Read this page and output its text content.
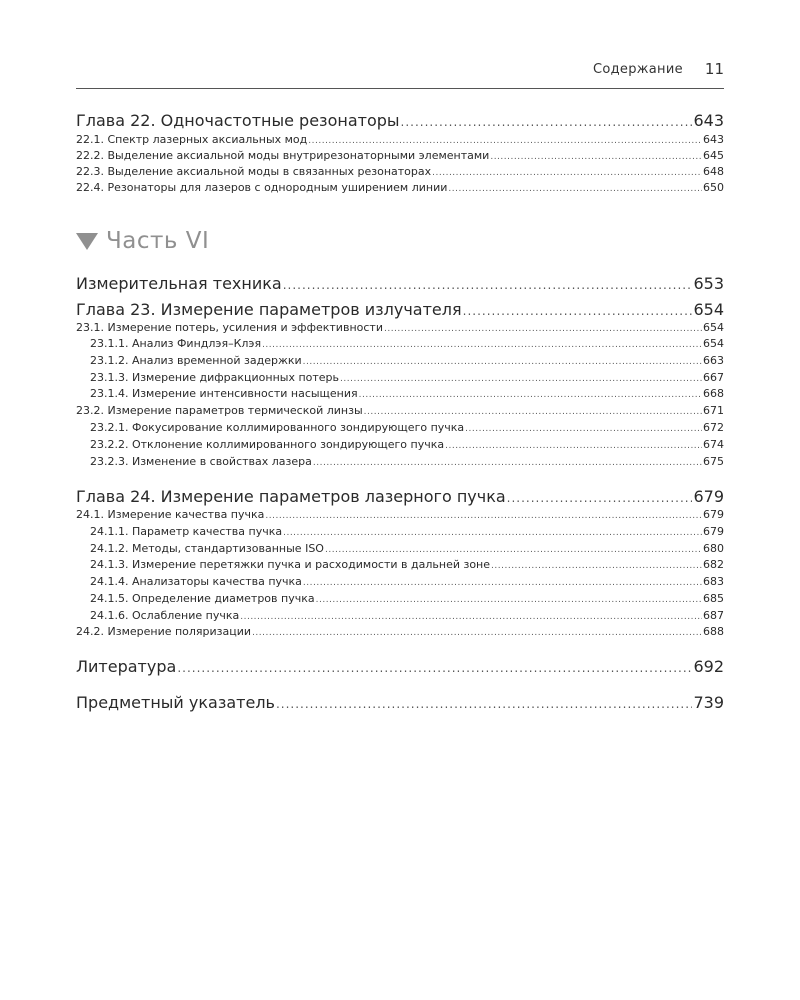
Содержание 11
Глава 22. Одночастотные резонаторы .....	643
22.1. Спектр лазерных аксиальных мод .....	643
22.2. Выделение аксиальной моды внутрирезонаторными элементами .....	645
22.3. Выделение аксиальной моды в связанных резонаторах .....	648
22.4. Резонаторы для лазеров с однородным уширением линии .....	650
Часть VI
Измерительная техника .....	653
Глава 23. Измерение параметров излучателя .....	654
23.1. Измерение потерь, усиления и эффективности .....	654
23.1.1. Анализ Финдлэя–Клэя .....	654
23.1.2. Анализ временной задержки .....	663
23.1.3. Измерение дифракционных потерь .....	667
23.1.4. Измерение интенсивности насыщения .....	668
23.2. Измерение параметров термической линзы .....	671
23.2.1. Фокусирование коллимированного зондирующего пучка .....	672
23.2.2. Отклонение коллимированного зондирующего пучка .....	674
23.2.3. Изменение в свойствах лазера .....	675
Глава 24. Измерение параметров лазерного пучка .....	679
24.1. Измерение качества пучка .....	679
24.1.1. Параметр качества пучка .....	679
24.1.2. Методы, стандартизованные ISO .....	680
24.1.3. Измерение перетяжки пучка и расходимости в дальней зоне .....	682
24.1.4. Анализаторы качества пучка .....	683
24.1.5. Определение диаметров пучка .....	685
24.1.6. Ослабление пучка .....	687
24.2. Измерение поляризации .....	688
Литература .....	692
Предметный указатель .....	739
